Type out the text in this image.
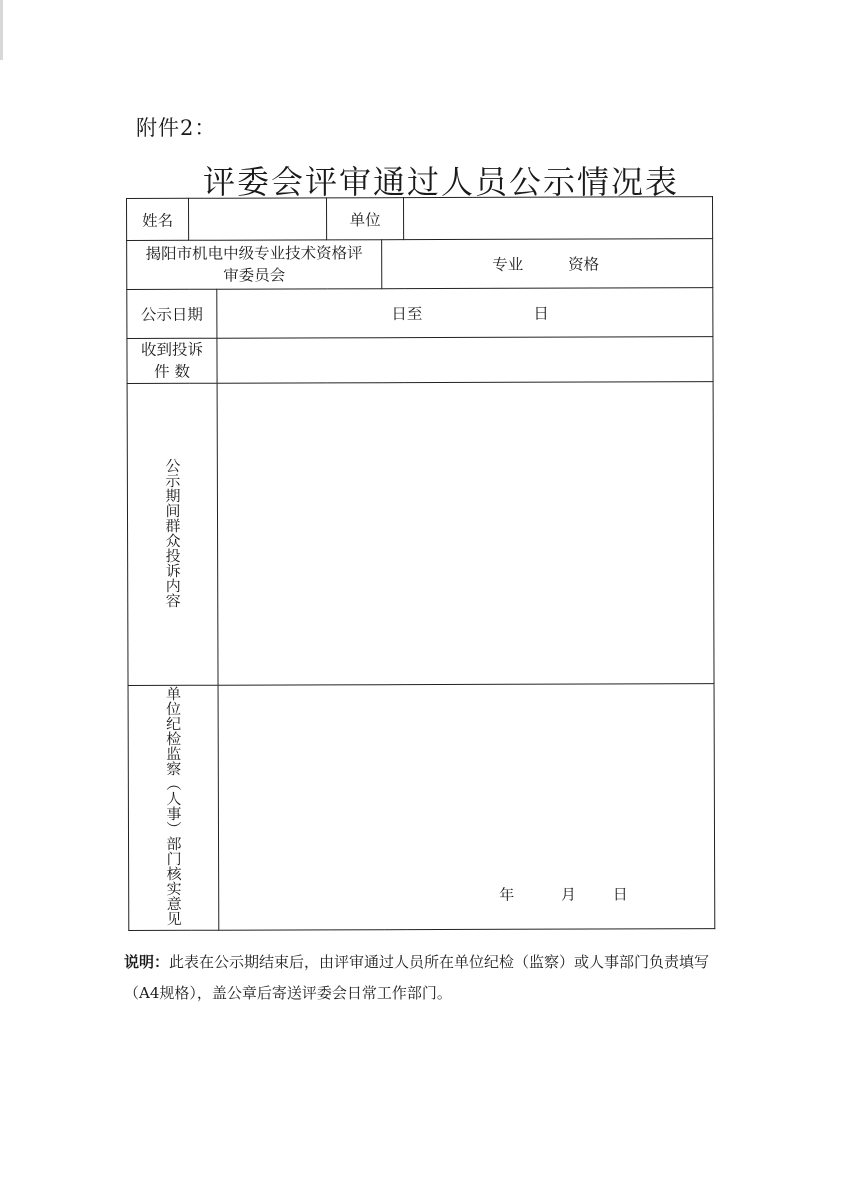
附件2：
评委会评审通过人员公示情况表
姓名			单位		

揭阳市机电中级专业技术资格评
审委员会				专业 资格	
公示日期		日至 日			

收到投诉
件 数					

公示期间群众投诉内容					
单位纪检监察（人事）部门核实意见		年 月 日			
说明：此表在公示期结束后，由评审通过人员所在单位纪检（监察）或人事部门负责填写（A4规格），盖公章后寄送评委会日常工作部门。
